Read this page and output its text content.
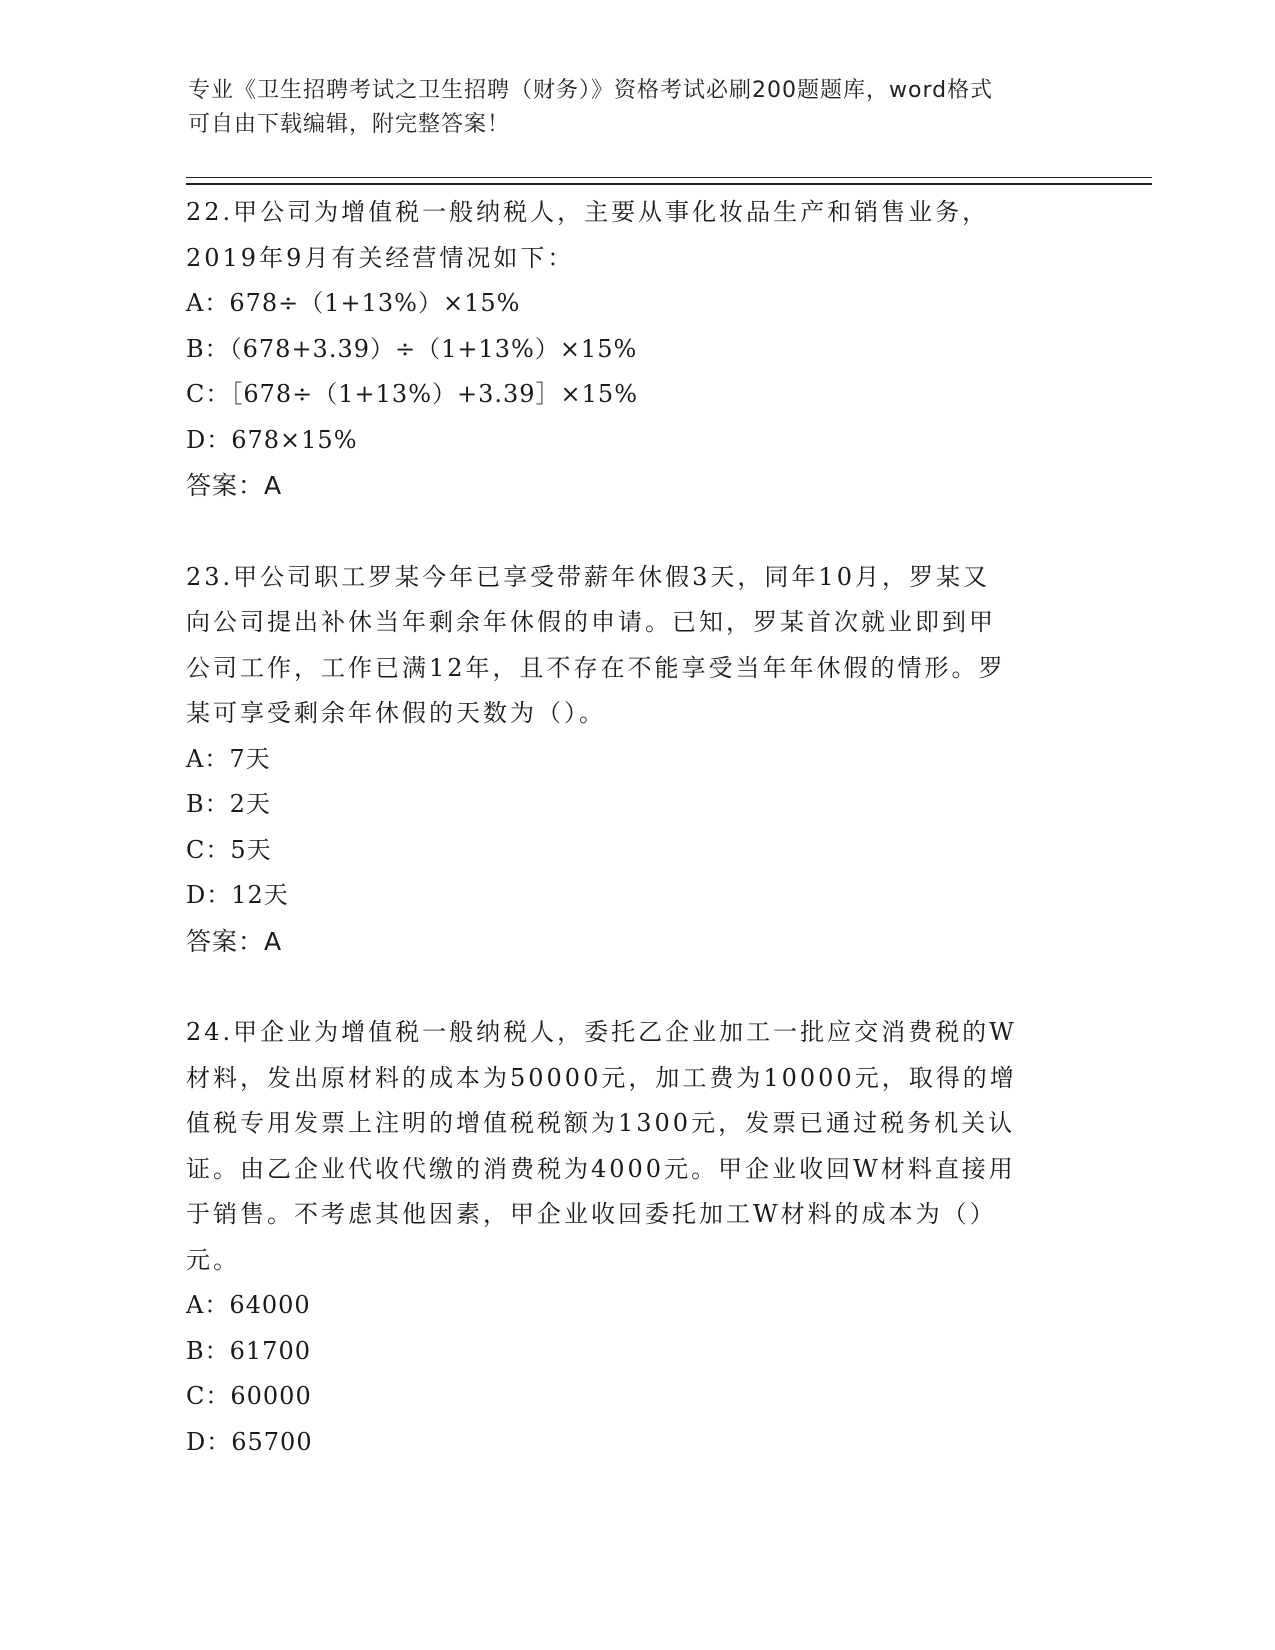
专业《卫生招聘考试之卫生招聘（财务）》资格考试必刷200题题库，word格式
可自由下载编辑，附完整答案！
22.甲公司为增值税一般纳税人，主要从事化妆品生产和销售业务，
2019年9月有关经营情况如下：
A：678÷（1+13%）×15%
B：（678+3.39）÷（1+13%）×15%
C：［678÷（1+13%）+3.39］×15%
D：678×15%
答案：A
23.甲公司职工罗某今年已享受带薪年休假3天，同年10月，罗某又
向公司提出补休当年剩余年休假的申请。已知，罗某首次就业即到甲
公司工作，工作已满12年，且不存在不能享受当年年休假的情形。罗
某可享受剩余年休假的天数为（）。
A：7天
B：2天
C：5天
D：12天
答案：A
24.甲企业为增值税一般纳税人，委托乙企业加工一批应交消费税的W
材料，发出原材料的成本为50000元，加工费为10000元，取得的增
值税专用发票上注明的增值税税额为1300元，发票已通过税务机关认
证。由乙企业代收代缴的消费税为4000元。甲企业收回W材料直接用
于销售。不考虑其他因素，甲企业收回委托加工W材料的成本为（）
元。
A：64000
B：61700
C：60000
D：65700
